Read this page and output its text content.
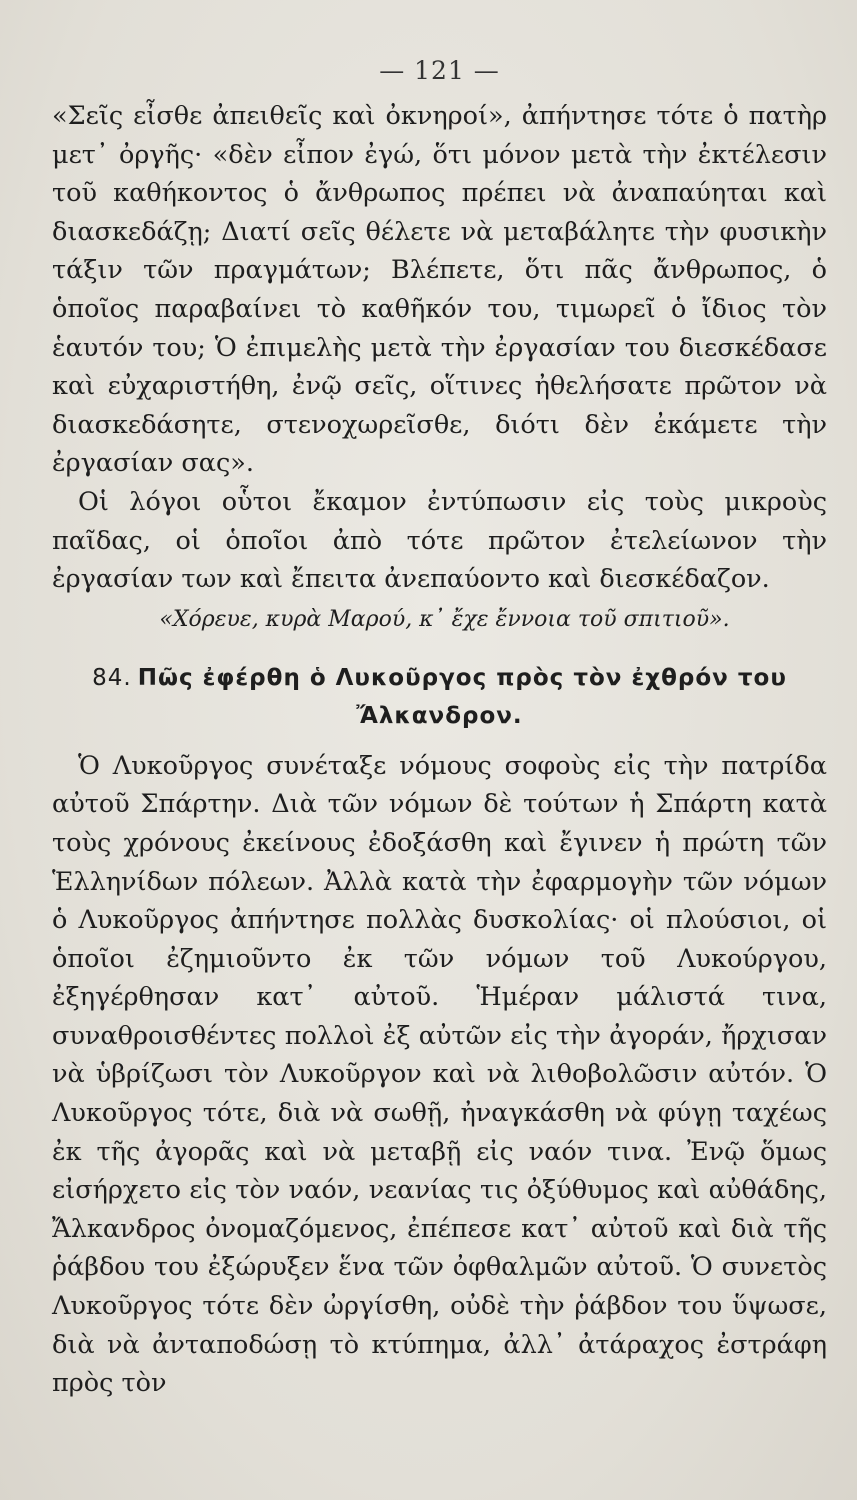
— 121 —

«Σεῖς εἶσθε ἀπειθεῖς καὶ ὀκνηροί», ἀπήντησε τότε ὁ πατὴρ μετ᾽ ὀργῆς· «δὲν εἶπον ἐγώ, ὅτι μόνον μετὰ τὴν ἐκτέλεσιν τοῦ καθήκοντος ὁ ἄνθρωπος πρέπει νὰ ἀναπαύηται καὶ διασκεδάζῃ; Διατί σεῖς θέλετε νὰ μεταβάλητε τὴν φυσικὴν τάξιν τῶν πραγμάτων; Βλέπετε, ὅτι πᾶς ἄνθρωπος, ὁ ὁποῖος παραβαίνει τὸ καθῆκόν του, τιμωρεῖ ὁ ἴδιος τὸν ἑαυτόν του; Ὁ ἐπιμελὴς μετὰ τὴν ἐργασίαν του διεσκέδασε καὶ εὐχαριστήθη, ἐνῷ σεῖς, οἵτινες ἠθελήσατε πρῶτον νὰ διασκεδάσητε, στενοχωρεῖσθε, διότι δὲν ἐκάμετε τὴν ἐργασίαν σας».

Οἱ λόγοι οὗτοι ἔκαμον ἐντύπωσιν εἰς τοὺς μικροὺς παῖδας, οἱ ὁποῖοι ἀπὸ τότε πρῶτον ἐτελείωνον τὴν ἐργασίαν των καὶ ἔπειτα ἀνεπαύοντο καὶ διεσκέδαζον.

«Χόρευε, κυρὰ Μαρού, κ᾽ ἔχε ἔννοια τοῦ σπιτιοῦ».
84. Πῶς ἐφέρθη ὁ Λυκοῦργος πρὸς τὸν ἐχθρόν του Ἄλκανδρον.

Ὁ Λυκοῦργος συνέταξε νόμους σοφοὺς εἰς τὴν πατρίδα αὐτοῦ Σπάρτην. Διὰ τῶν νόμων δὲ τούτων ἡ Σπάρτη κατὰ τοὺς χρόνους ἐκείνους ἐδοξάσθη καὶ ἔγινεν ἡ πρώτη τῶν Ἑλληνίδων πόλεων. Ἀλλὰ κατὰ τὴν ἐφαρμογὴν τῶν νόμων ὁ Λυκοῦργος ἀπήντησε πολλὰς δυσκολίας· οἱ πλούσιοι, οἱ ὁποῖοι ἐζημιοῦντο ἐκ τῶν νόμων τοῦ Λυκούργου, ἐξηγέρθησαν κατ᾽ αὐτοῦ. Ἡμέραν μάλιστά τινα, συναθροισθέντες πολλοὶ ἐξ αὐτῶν εἰς τὴν ἀγοράν, ἤρχισαν νὰ ὑβρίζωσι τὸν Λυκοῦργον καὶ νὰ λιθοβολῶσιν αὐτόν. Ὁ Λυκοῦργος τότε, διὰ νὰ σωθῇ, ἠναγκάσθη νὰ φύγῃ ταχέως ἐκ τῆς ἀγορᾶς καὶ νὰ μεταβῇ εἰς ναόν τινα. Ἐνῷ ὅμως εἰσήρχετο εἰς τὸν ναόν, νεανίας τις ὀξύθυμος καὶ αὐθάδης, Ἄλκανδρος ὀνομαζόμενος, ἐπέπεσε κατ᾽ αὐτοῦ καὶ διὰ τῆς ῥάβδου του ἐξώρυξεν ἕνα τῶν ὀφθαλμῶν αὐτοῦ. Ὁ συνετὸς Λυκοῦργος τότε δὲν ὠργίσθη, οὐδὲ τὴν ῥάβδον του ὕψωσε, διὰ νὰ ἀνταποδώσῃ τὸ κτύπημα, ἀλλ᾽ ἀτάραχος ἐστράφη πρὸς τὸν
